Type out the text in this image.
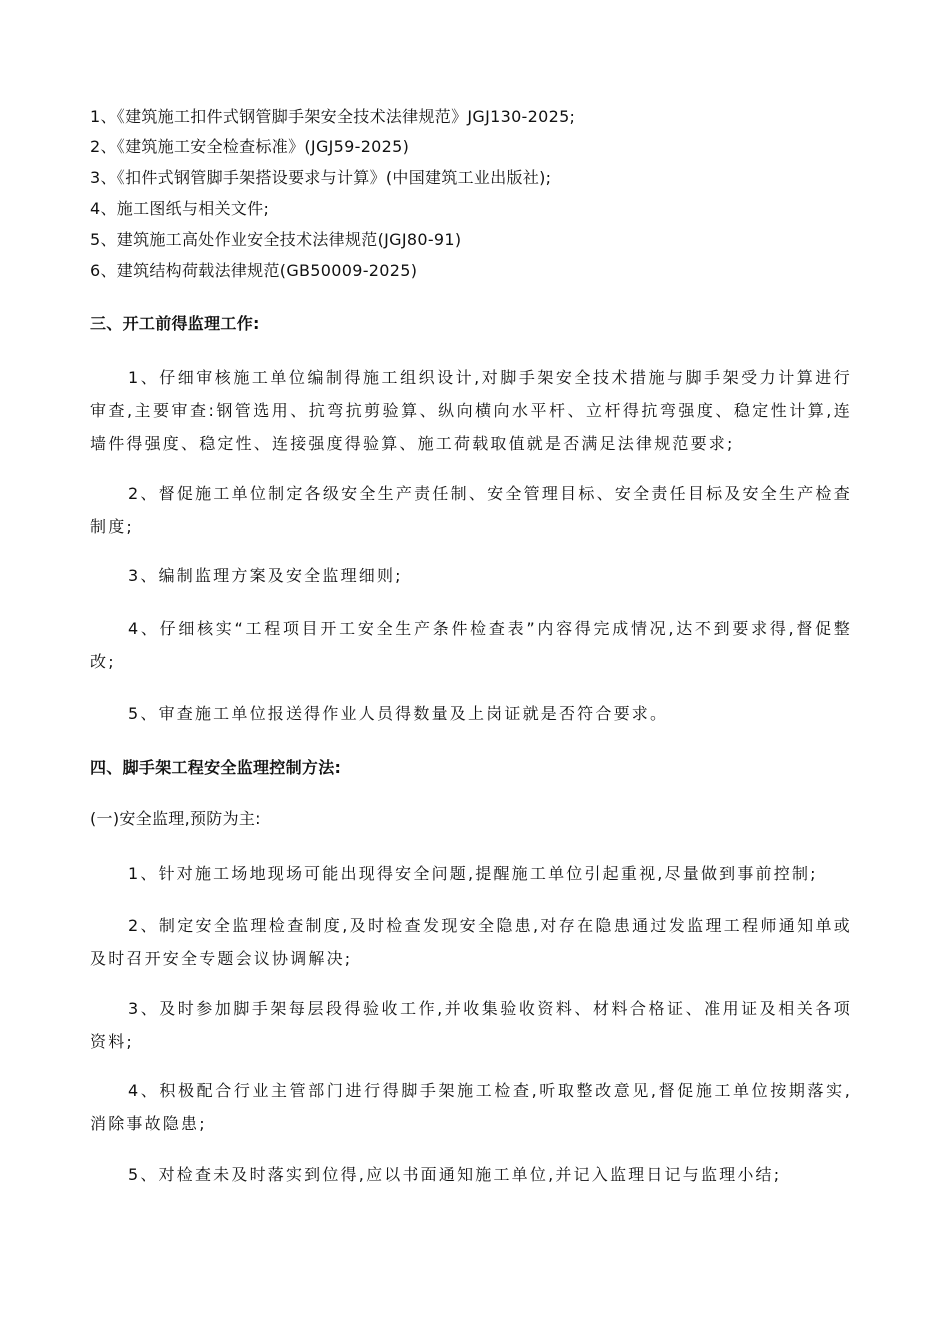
1、《建筑施工扣件式钢管脚手架安全技术法律规范》JGJ130-2025;
2、《建筑施工安全检查标准》(JGJ59-2025)
3、《扣件式钢管脚手架搭设要求与计算》(中国建筑工业出版社);
4、施工图纸与相关文件;
5、建筑施工高处作业安全技术法律规范(JGJ80-91)
6、建筑结构荷载法律规范(GB50009-2025)
三、开工前得监理工作:
1、仔细审核施工单位编制得施工组织设计,对脚手架安全技术措施与脚手架受力计算进行审查,主要审查:钢管选用、抗弯抗剪验算、纵向横向水平杆、立杆得抗弯强度、稳定性计算,连墙件得强度、稳定性、连接强度得验算、施工荷载取值就是否满足法律规范要求;
2、督促施工单位制定各级安全生产责任制、安全管理目标、安全责任目标及安全生产检查制度;
3、编制监理方案及安全监理细则;
4、仔细核实“工程项目开工安全生产条件检查表”内容得完成情况,达不到要求得,督促整改;
5、审查施工单位报送得作业人员得数量及上岗证就是否符合要求。
四、脚手架工程安全监理控制方法:
(一)安全监理,预防为主:
1、针对施工场地现场可能出现得安全问题,提醒施工单位引起重视,尽量做到事前控制;
2、制定安全监理检查制度,及时检查发现安全隐患,对存在隐患通过发监理工程师通知单或及时召开安全专题会议协调解决;
3、及时参加脚手架每层段得验收工作,并收集验收资料、材料合格证、准用证及相关各项资料;
4、积极配合行业主管部门进行得脚手架施工检查,听取整改意见,督促施工单位按期落实,消除事故隐患;
5、对检查未及时落实到位得,应以书面通知施工单位,并记入监理日记与监理小结;
